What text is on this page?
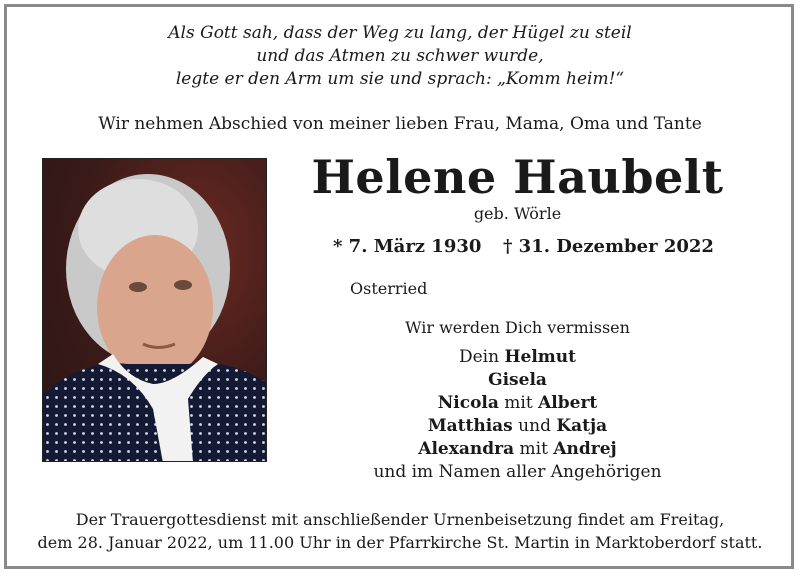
Als Gott sah, dass der Weg zu lang, der Hügel zu steil
und das Atmen zu schwer wurde,
legte er den Arm um sie und sprach: „Komm heim!“
Wir nehmen Abschied von meiner lieben Frau, Mama, Oma und Tante
Helene Haubelt
geb. Wörle
* 7. März 1930 † 31. Dezember 2022
Osterried
Wir werden Dich vermissen
Dein Helmut
Gisela
Nicola mit Albert
Matthias und Katja
Alexandra mit Andrej
und im Namen aller Angehörigen
Der Trauergottesdienst mit anschließender Urnenbeisetzung findet am Freitag,
dem 28. Januar 2022, um 11.00 Uhr in der Pfarrkirche St. Martin in Marktoberdorf statt.
